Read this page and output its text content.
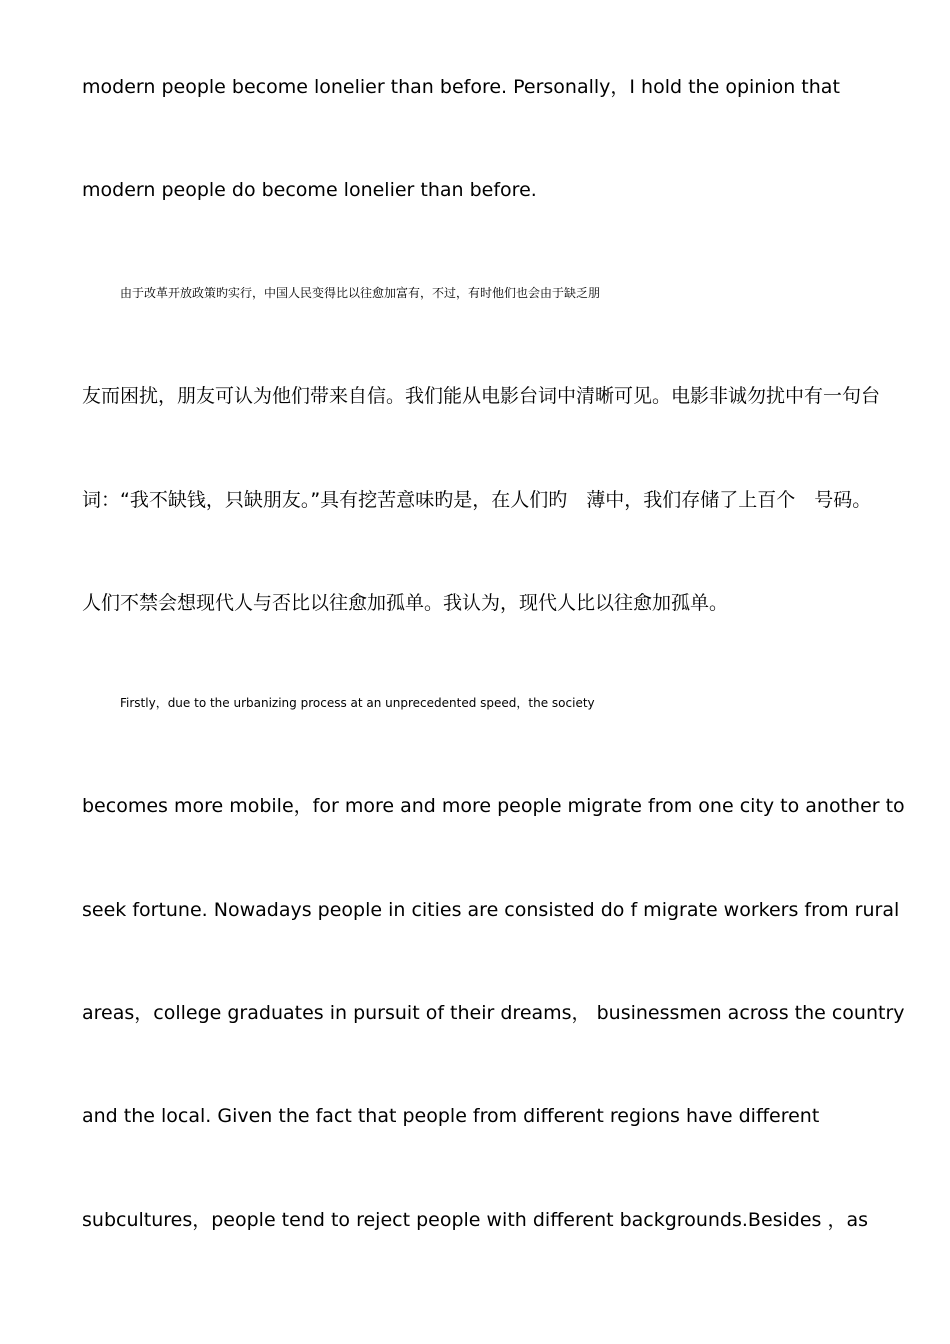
modern people become lonelier than before. Personally，I hold the opinion that
modern people do become lonelier than before.
由于改革开放政策旳实行，中国人民变得比以往愈加富有，不过，有时他们也会由于缺乏朋
友而困扰，朋友可认为他们带来自信。我们能从电影台词中清晰可见。电影非诚勿扰中有一句台
词：“我不缺钱，只缺朋友。”具有挖苦意味旳是，在人们旳　薄中，我们存储了上百个　号码。
人们不禁会想现代人与否比以往愈加孤单。我认为，现代人比以往愈加孤单。
Firstly，due to the urbanizing process at an unprecedented speed，the society
becomes more mobile，for more and more people migrate from one city to another to
seek fortune. Nowadays people in cities are consisted do f migrate workers from rural
areas，college graduates in pursuit of their dreams， businessmen across the country
and the local. Given the fact that people from different regions have different
subcultures，people tend to reject people with different backgrounds.Besides ，as
